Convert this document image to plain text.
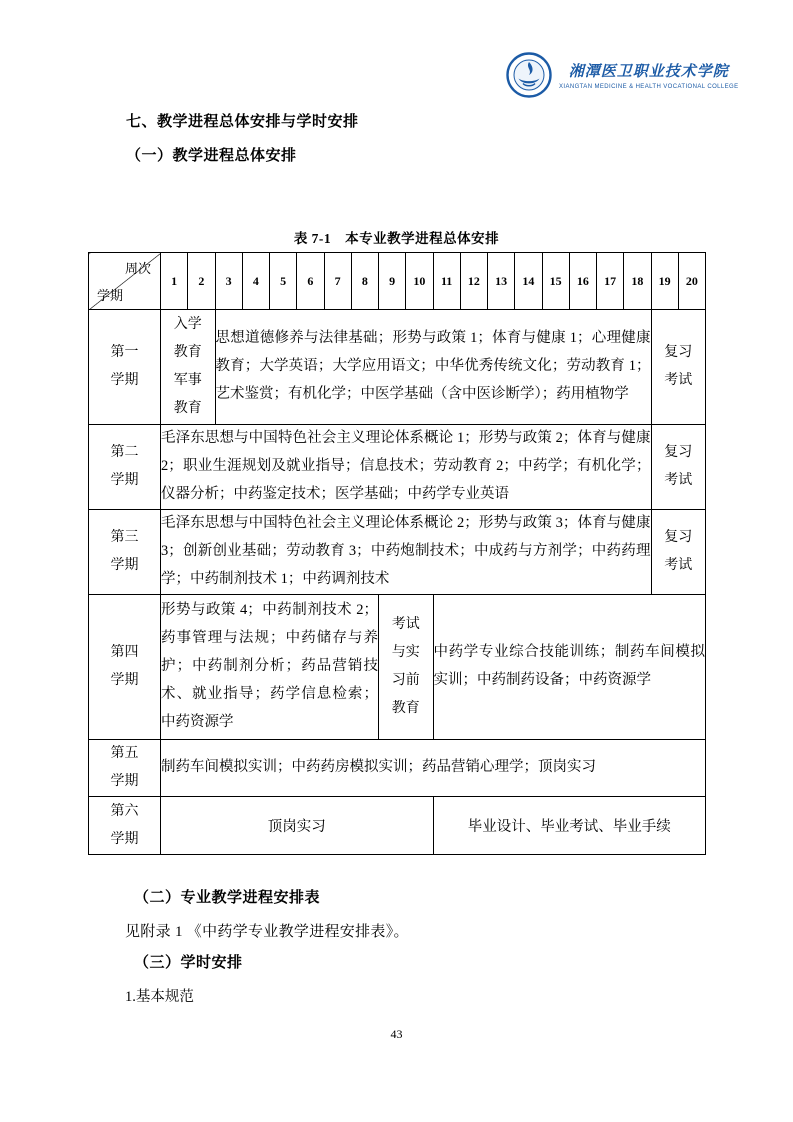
湘潭医卫职业技术学院
XIANGTAN MEDICINE & HEALTH VOCATIONAL COLLEGE
七、教学进程总体安排与学时安排
（一）教学进程总体安排
表 7-1　本专业教学进程总体安排
周次
学期	1	2	3	4	5	6	7	8	9	10	11	12	13	14	15	16	17	18	19	20
第一学期	入学教育军事教育		思想道德修养与法律基础；形势与政策 1；体育与健康 1；心理健康教育；大学英语；大学应用语文；中华优秀传统文化；劳动教育 1；艺术鉴赏；有机化学；中医学基础（含中医诊断学）；药用植物学																复习考试	
第二学期	毛泽东思想与中国特色社会主义理论体系概论 1；形势与政策 2；体育与健康 2；职业生涯规划及就业指导；信息技术；劳动教育 2；中药学；有机化学；仪器分析；中药鉴定技术；医学基础；中药学专业英语																		复习考试	
第三学期	毛泽东思想与中国特色社会主义理论体系概论 2；形势与政策 3；体育与健康 3；创新创业基础；劳动教育 3；中药炮制技术；中成药与方剂学；中药药理学；中药制剂技术 1；中药调剂技术																		复习考试	
第四学期	形势与政策 4；中药制剂技术 2；药事管理与法规；中药储存与养护；中药制剂分析；药品营销技术、就业指导；药学信息检索；中药资源学								考试与实习前教育		中药学专业综合技能训练；制药车间模拟实训；中药制药设备；中药资源学									
第五学期	制药车间模拟实训；中药药房模拟实训；药品营销心理学；顶岗实习																			
第六学期	顶岗实习										毕业设计、毕业考试、毕业手续									
（二）专业教学进程安排表
见附录 1 《中药学专业教学进程安排表》。
（三）学时安排
1.基本规范
43
